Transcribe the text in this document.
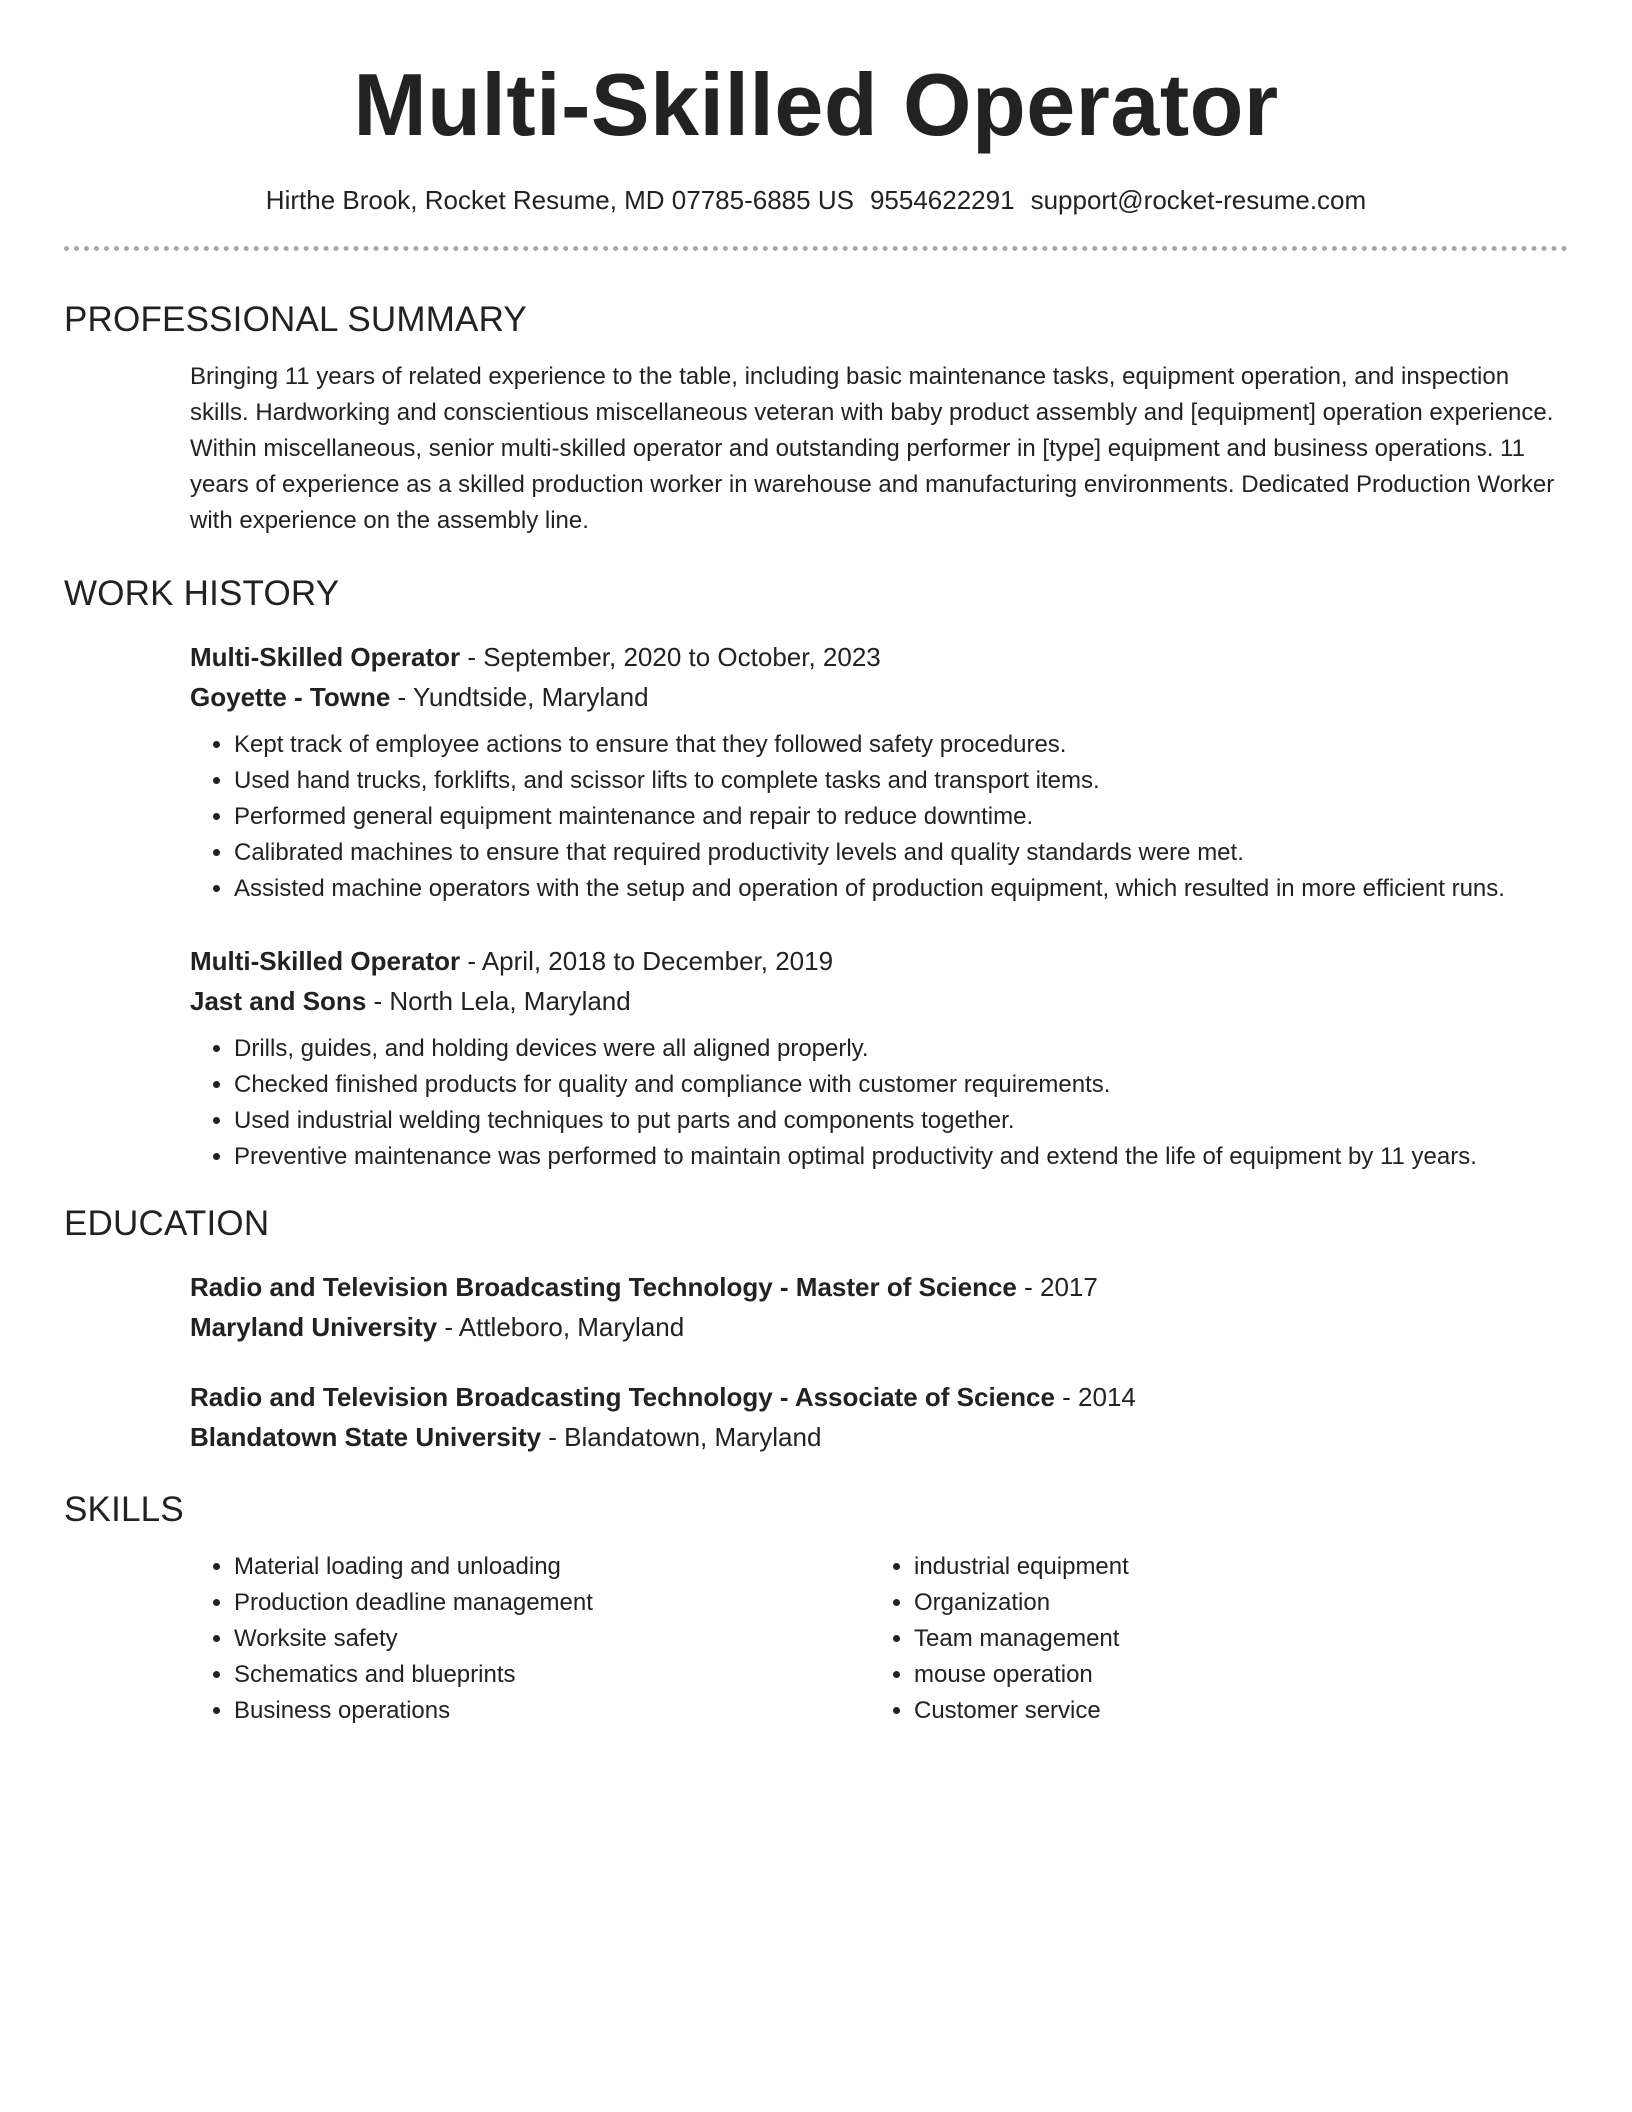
Multi-Skilled Operator
Hirthe Brook, Rocket Resume, MD 07785-6885 US 9554622291 support@rocket-resume.com
PROFESSIONAL SUMMARY

Bringing 11 years of related experience to the table, including basic maintenance tasks, equipment operation, and inspection skills. Hardworking and conscientious miscellaneous veteran with baby product assembly and [equipment] operation experience. Within miscellaneous, senior multi-skilled operator and outstanding performer in [type] equipment and business operations. 11 years of experience as a skilled production worker in warehouse and manufacturing environments. Dedicated Production Worker with experience on the assembly line.

WORK HISTORY
Multi-Skilled Operator - September, 2020 to October, 2023
Goyette - Towne - Yundtside, Maryland
• Kept track of employee actions to ensure that they followed safety procedures.
• Used hand trucks, forklifts, and scissor lifts to complete tasks and transport items.
• Performed general equipment maintenance and repair to reduce downtime.
• Calibrated machines to ensure that required productivity levels and quality standards were met.
• Assisted machine operators with the setup and operation of production equipment, which resulted in more efficient runs.
Multi-Skilled Operator - April, 2018 to December, 2019
Jast and Sons - North Lela, Maryland
• Drills, guides, and holding devices were all aligned properly.
• Checked finished products for quality and compliance with customer requirements.
• Used industrial welding techniques to put parts and components together.
• Preventive maintenance was performed to maintain optimal productivity and extend the life of equipment by 11 years.
EDUCATION
Radio and Television Broadcasting Technology - Master of Science - 2017
Maryland University - Attleboro, Maryland
Radio and Television Broadcasting Technology - Associate of Science - 2014
Blandatown State University - Blandatown, Maryland
SKILLS
• Material loading and unloading
• Production deadline management
• Worksite safety
• Schematics and blueprints
• Business operations
• industrial equipment
• Organization
• Team management
• mouse operation
• Customer service
